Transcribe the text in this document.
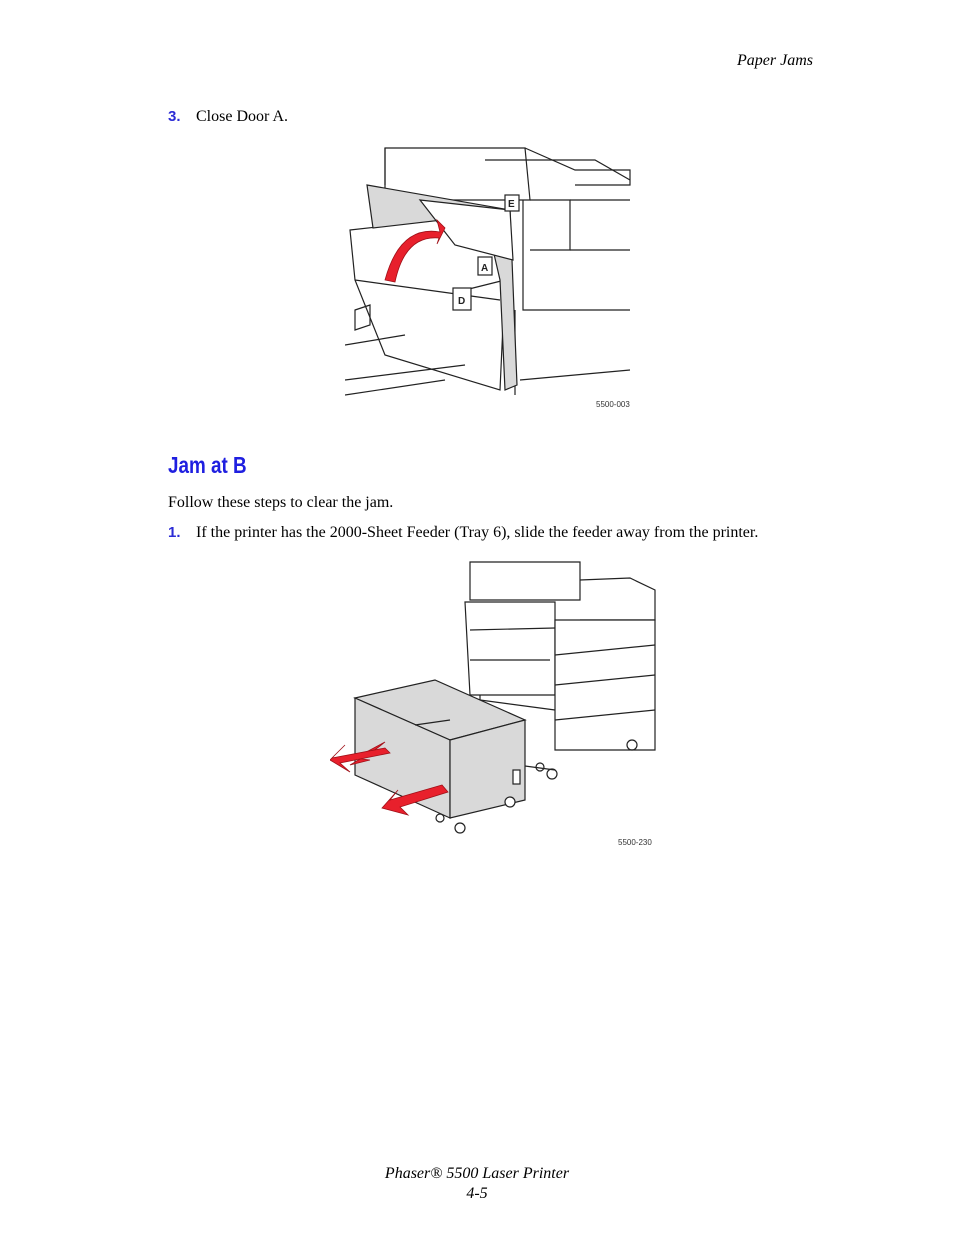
Paper Jams
3. Close Door A.
A
D
E
5500-003
Jam at B
Follow these steps to clear the jam.
1. If the printer has the 2000-Sheet Feeder (Tray 6), slide the feeder away from the printer.
5500-230
Phaser® 5500 Laser Printer
4-5
